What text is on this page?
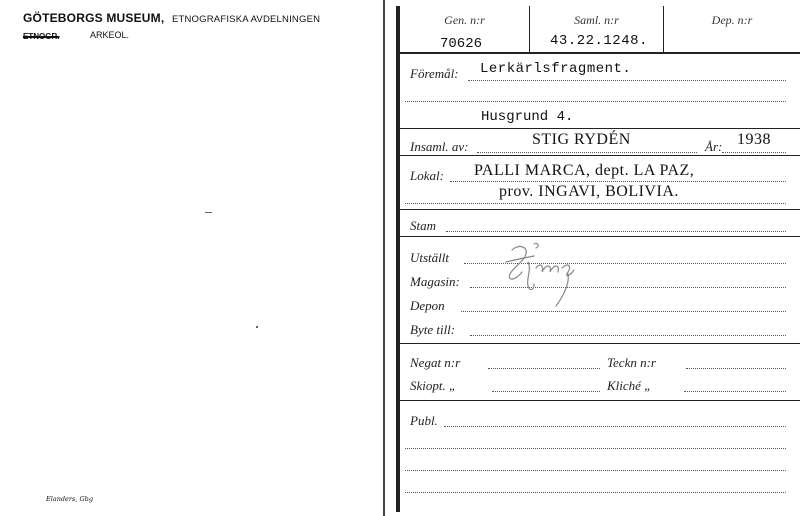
GÖTEBORGS MUSEUM, ETNOGRAFISKA AVDELNINGEN
ETNOGR.	ARKEOL.
Elanders, Gbg
Gen. n:r	Saml. n:r	Dep. n:r
70626	43.22.1248.
Föremål: Lerkärlsfragment.
Husgrund 4.
Insaml. av:	STIG RYDÉN	År: 1938
Lokal: PALLI MARCA, dept. LA PAZ,
prov. INGAVI, BOLIVIA.
Stam
Utställt
Magasin:
Depon
Byte till:
Negat n:r	Teckn n:r
Skiopt. „	Kliché „
Publ.
